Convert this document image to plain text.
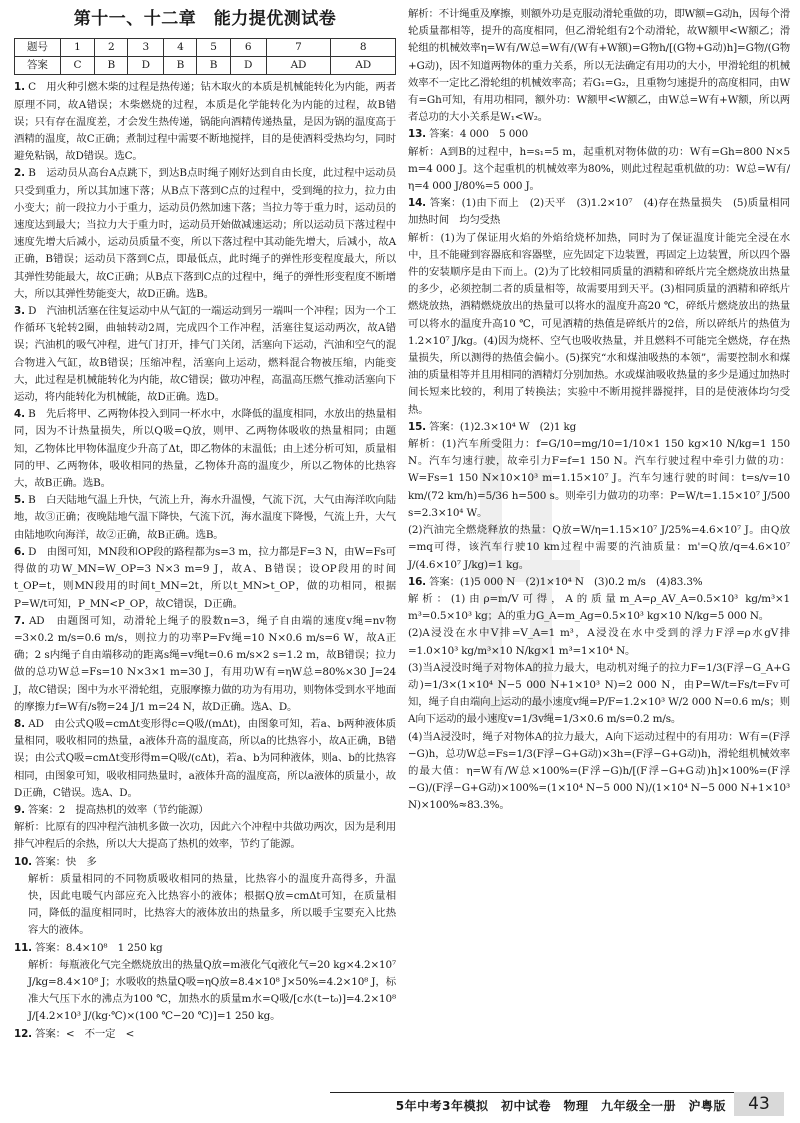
第十一、十二章　能力提优测试卷
题号	1	2	3	4	5	6	7	8
答案	C	B	D	B	B	D	AD	AD

1. C　用火种引燃木柴的过程是热传递；钻木取火的本质是机械能转化为内能，两者原理不同，故A错误；木柴燃烧的过程，本质是化学能转化为内能的过程，故B错误；只有存在温度差，才会发生热传递，锅能向酒精传递热量，是因为锅的温度高于酒精的温度，故C正确；煮制过程中需要不断地搅拌，目的是使酒料受热均匀，同时避免粘锅，故D错误。选C。

2. B　运动员从高台A点跳下，到达B点时绳子刚好达到自由长度，此过程中运动员只受到重力，所以其加速下落；从B点下落到C点的过程中，受到绳的拉力，拉力由小变大；前一段拉力小于重力，运动员仍然加速下落；当拉力等于重力时，运动员的速度达到最大；当拉力大于重力时，运动员开始做减速运动；所以运动员下落过程中速度先增大后减小，运动员质量不变，所以下落过程中其动能先增大，后减小，故A正确，B错误；运动员下落到C点，即最低点，此时绳子的弹性形变程度最大，所以其弹性势能最大，故C正确；从B点下落到C点的过程中，绳子的弹性形变程度不断增大，所以其弹性势能变大，故D正确。选B。

3. D　汽油机活塞在往复运动中从气缸的一端运动到另一端叫一个冲程；因为一个工作循环飞轮转2圈，曲轴转动2周，完成四个工作冲程，活塞往复运动两次，故A错误；汽油机的吸气冲程，进气门打开，排气门关闭，活塞向下运动，汽油和空气的混合物进入气缸，故B错误；压缩冲程，活塞向上运动，燃料混合物被压缩，内能变大，此过程是机械能转化为内能，故C错误；做功冲程，高温高压燃气推动活塞向下运动，将内能转化为机械能，故D正确。选D。

4. B　先后将甲、乙两物体投入到同一杯水中，水降低的温度相同，水放出的热量相同，因为不计热量损失，所以Q吸=Q放，则甲、乙两物体吸收的热量相同；由题知，乙物体比甲物体温度少升高了Δt，即乙物体的末温低；由上述分析可知，质量相同的甲、乙两物体，吸收相同的热量，乙物体升高的温度少，所以乙物体的比热容大，故B正确。选B。

5. B　白天陆地气温上升快，气流上升，海水升温慢，气流下沉，大气由海洋吹向陆地，故③正确；夜晚陆地气温下降快，气流下沉，海水温度下降慢，气流上升，大气由陆地吹向海洋，故②正确，故B正确。选B。

6. D　由图可知，MN段和OP段的路程都为s=3 m，拉力都是F=3 N，由W=Fs可得做的功W_MN=W_OP=3 N×3 m=9 J，故A、B错误；设OP段用的时间t_OP=t，则MN段用的时间t_MN=2t，所以t_MN>t_OP，做的功相同，根据P=W/t可知，P_MN<P_OP，故C错误，D正确。

7. AD　由题图可知，动滑轮上绳子的股数n=3，绳子自由端的速度v绳=nv物=3×0.2 m/s=0.6 m/s，则拉力的功率P=Fv绳=10 N×0.6 m/s=6 W，故A正确；2 s内绳子自由端移动的距离s绳=v绳t=0.6 m/s×2 s=1.2 m，故B错误；拉力做的总功W总=Fs=10 N×3×1 m=30 J，有用功W有=ηW总=80%×30 J=24 J，故C错误；图中为水平滑轮组，克服摩擦力做的功为有用功，则物体受到水平地面的摩擦力f=W有/s物=24 J/1 m=24 N，故D正确。选A、D。

8. AD　由公式Q吸=cmΔt变形得c=Q吸/(mΔt)，由图象可知，若a、b两种液体质量相同，吸收相同的热量，a液体升高的温度高，所以a的比热容小，故A正确，B错误；由公式Q吸=cmΔt变形得m=Q吸/(cΔt)，若a、b为同种液体，则a、b的比热容相同，由图象可知，吸收相同热量时，a液体升高的温度高，所以a液体的质量小，故D正确，C错误。选A、D。

9. 答案：2　提高热机的效率（节约能源）

解析：比原有的四冲程汽油机多做一次功，因此六个冲程中共做功两次，因为是利用排气冲程后的余热，所以大大提高了热机的效率，节约了能源。

10. 答案：快　多

解析：质量相同的不同物质吸收相同的热量，比热容小的温度升高得多，升温快，因此电暖气内部应充入比热容小的液体；根据Q放=cmΔt可知，在质量相同，降低的温度相同时，比热容大的液体放出的热量多，所以暖手宝要充入比热容大的液体。

11. 答案：8.4×10⁸　1 250 kg

解析：每瓶液化气完全燃烧放出的热量Q放=m液化气q液化气=20 kg×4.2×10⁷ J/kg=8.4×10⁸ J；水吸收的热量Q吸=ηQ放=8.4×10⁸ J×50%=4.2×10⁸ J，标准大气压下水的沸点为100 ℃，加热水的质量m水=Q吸/[c水(t−t₀)]=4.2×10⁸ J/[4.2×10³ J/(kg·℃)×(100 ℃−20 ℃)]=1 250 kg。

12. 答案：<　不一定　<

解析：不计绳重及摩擦，则额外功是克服动滑轮重做的功，即W额=G动h，因每个滑轮质量都相等，提升的高度相同，但乙滑轮组有2个动滑轮，故W额甲<W额乙；滑轮组的机械效率η=W有/W总=W有/(W有+W额)=G物h/[(G物+G动)h]=G物/(G物+G动)，因不知道两物体的重力关系，所以无法确定有用功的大小，甲滑轮组的机械效率不一定比乙滑轮组的机械效率高；若G₁=G₂，且重物匀速提升的高度相同，由W有=Gh可知，有用功相同，额外功：W额甲<W额乙，由W总=W有+W额，所以两者总功的大小关系是W₁<W₂。

13. 答案：4 000　5 000

解析：A到B的过程中，h=s₁=5 m，起重机对物体做的功：W有=Gh=800 N×5 m=4 000 J。这个起重机的机械效率为80%，则此过程起重机做的功：W总=W有/η=4 000 J/80%=5 000 J。

14. 答案：(1)由下而上　(2)天平　(3)1.2×10⁷　(4)存在热量损失　(5)质量相同　加热时间　均匀受热

解析：(1)为了保证用火焰的外焰给烧杯加热，同时为了保证温度计能完全浸在水中，且不能碰到容器底和容器壁，应先固定下边装置，再固定上边装置，所以四个器件的安装顺序是由下而上。(2)为了比较相同质量的酒精和碎纸片完全燃烧放出热量的多少，必须控制二者的质量相等，故需要用到天平。(3)相同质量的酒精和碎纸片燃烧放热，酒精燃烧放出的热量可以将水的温度升高20 ℃，碎纸片燃烧放出的热量可以将水的温度升高10 ℃，可见酒精的热值是碎纸片的2倍，所以碎纸片的热值为1.2×10⁷ J/kg。(4)因为烧杯、空气也吸收热量，并且燃料不可能完全燃烧，存在热量损失，所以测得的热值会偏小。(5)探究“水和煤油吸热的本领”，需要控制水和煤油的质量相等并且用相同的酒精灯分别加热。水或煤油吸收热量的多少是通过加热时间长短来比较的，利用了转换法；实验中不断用搅拌器搅拌，目的是使液体均匀受热。

15. 答案：(1)2.3×10⁴ W　(2)1 kg

解析：(1)汽车所受阻力：f=G/10=mg/10=1/10×1 150 kg×10 N/kg=1 150 N。汽车匀速行驶，故牵引力F=f=1 150 N。汽车行驶过程中牵引力做的功：W=Fs=1 150 N×10×10³ m=1.15×10⁷ J。汽车匀速行驶的时间：t=s/v=10 km/(72 km/h)=5/36 h=500 s。则牵引力做功的功率：P=W/t=1.15×10⁷ J/500 s=2.3×10⁴ W。

(2)汽油完全燃烧释放的热量：Q放=W/η=1.15×10⁷ J/25%=4.6×10⁷ J。由Q放=mq可得，该汽车行驶10 km过程中需要的汽油质量：m'=Q放/q=4.6×10⁷ J/(4.6×10⁷ J/kg)=1 kg。

16. 答案：(1)5 000 N　(2)1×10⁴ N　(3)0.2 m/s　(4)83.3%

解析：(1)由ρ=m/V可得，A的质量m_A=ρ_AV_A=0.5×10³ kg/m³×1 m³=0.5×10³ kg；A的重力G_A=m_Ag=0.5×10³ kg×10 N/kg=5 000 N。

(2)A浸没在水中V排=V_A=1 m³，A浸没在水中受到的浮力F浮=ρ水gV排=1.0×10³ kg/m³×10 N/kg×1 m³=1×10⁴ N。

(3)当A浸没时绳子对物体A的拉力最大，电动机对绳子的拉力F=1/3(F浮−G_A+G动)=1/3×(1×10⁴ N−5 000 N+1×10³ N)=2 000 N，由P=W/t=Fs/t=Fv可知，绳子自由端向上运动的最小速度v绳=P/F=1.2×10³ W/2 000 N=0.6 m/s；则A向下运动的最小速度v=1/3v绳=1/3×0.6 m/s=0.2 m/s。

(4)当A浸没时，绳子对物体A的拉力最大，A向下运动过程中的有用功：W有=(F浮−G)h，总功W总=Fs=1/3(F浮−G+G动)×3h=(F浮−G+G动)h，滑轮组机械效率的最大值：η=W有/W总×100%=(F浮−G)h/[(F浮−G+G动)h]×100%=(F浮−G)/(F浮−G+G动)×100%=(1×10⁴ N−5 000 N)/(1×10⁴ N−5 000 N+1×10³ N)×100%≈83.3%。

5年中考3年模拟　初中试卷　物理　九年级全一册　沪粤版	43
